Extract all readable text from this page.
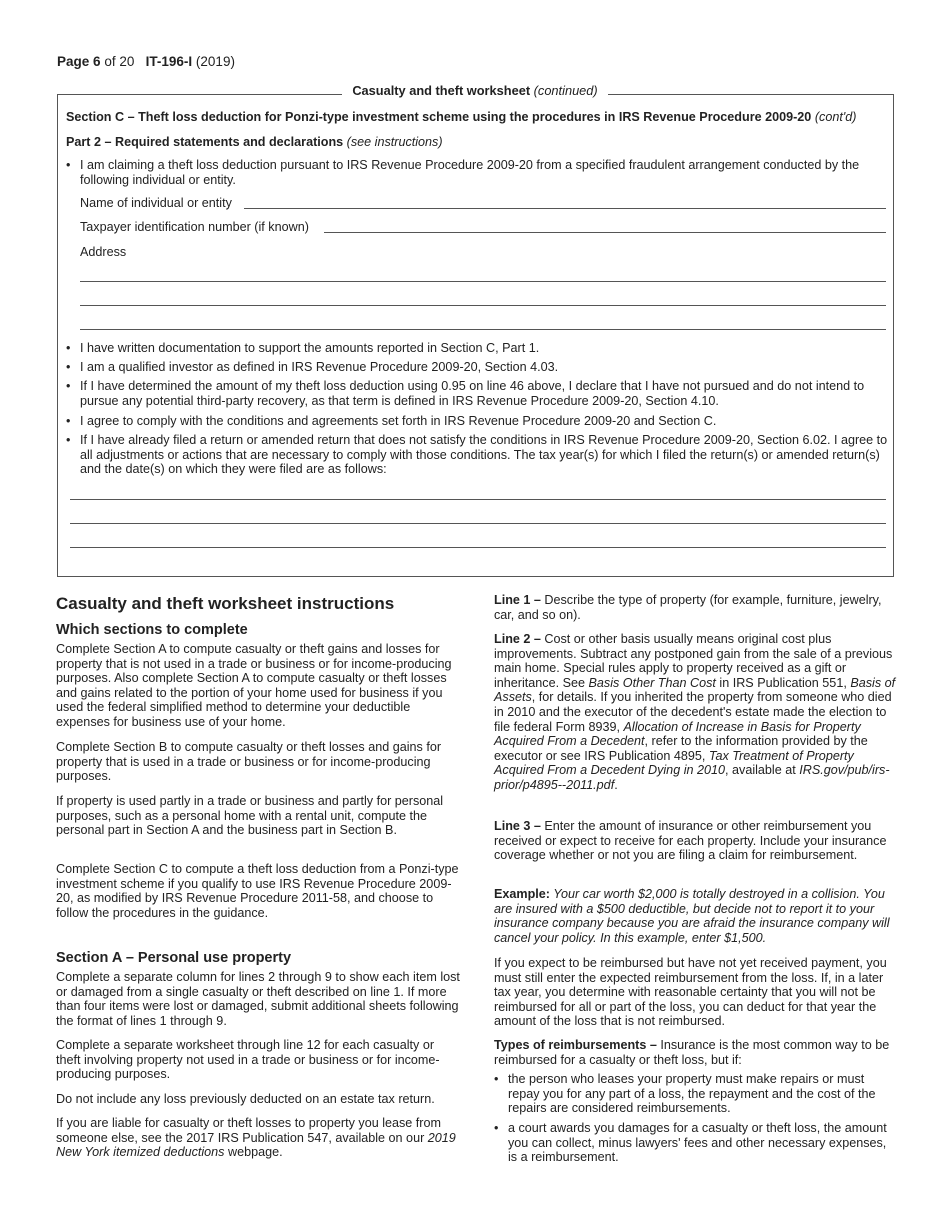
Page 6 of 20 IT-196-I (2019)
Casualty and theft worksheet (continued)
Section C – Theft loss deduction for Ponzi-type investment scheme using the procedures in IRS Revenue Procedure 2009-20 (cont'd)
Part 2 – Required statements and declarations (see instructions)
• I am claiming a theft loss deduction pursuant to IRS Revenue Procedure 2009-20 from a specified fraudulent arrangement conducted by the following individual or entity.
Name of individual or entity
Taxpayer identification number (if known)
Address
• I have written documentation to support the amounts reported in Section C, Part 1.
• I am a qualified investor as defined in IRS Revenue Procedure 2009-20, Section 4.03.
• If I have determined the amount of my theft loss deduction using 0.95 on line 46 above, I declare that I have not pursued and do not intend to pursue any potential third-party recovery, as that term is defined in IRS Revenue Procedure 2009-20, Section 4.10.
• I agree to comply with the conditions and agreements set forth in IRS Revenue Procedure 2009-20 and Section C.
• If I have already filed a return or amended return that does not satisfy the conditions in IRS Revenue Procedure 2009-20, Section 6.02. I agree to all adjustments or actions that are necessary to comply with those conditions. The tax year(s) for which I filed the return(s) or amended return(s) and the date(s) on which they were filed are as follows:
Casualty and theft worksheet instructions
Which sections to complete
Complete Section A to compute casualty or theft gains and losses for property that is not used in a trade or business or for income-producing purposes. Also complete Section A to compute casualty or theft losses and gains related to the portion of your home used for business if you used the federal simplified method to determine your deductible expenses for business use of your home.
Complete Section B to compute casualty or theft losses and gains for property that is used in a trade or business or for income-producing purposes.
If property is used partly in a trade or business and partly for personal purposes, such as a personal home with a rental unit, compute the personal part in Section A and the business part in Section B.
Complete Section C to compute a theft loss deduction from a Ponzi-type investment scheme if you qualify to use IRS Revenue Procedure 2009-20, as modified by IRS Revenue Procedure 2011-58, and choose to follow the procedures in the guidance.
Section A – Personal use property
Complete a separate column for lines 2 through 9 to show each item lost or damaged from a single casualty or theft described on line 1. If more than four items were lost or damaged, submit additional sheets following the format of lines 1 through 9.
Complete a separate worksheet through line 12 for each casualty or theft involving property not used in a trade or business or for income-producing purposes.
Do not include any loss previously deducted on an estate tax return.
If you are liable for casualty or theft losses to property you lease from someone else, see the 2017 IRS Publication 547, available on our 2019 New York itemized deductions webpage.
Line 1 – Describe the type of property (for example, furniture, jewelry, car, and so on).
Line 2 – Cost or other basis usually means original cost plus improvements. Subtract any postponed gain from the sale of a previous main home. Special rules apply to property received as a gift or inheritance. See Basis Other Than Cost in IRS Publication 551, Basis of Assets, for details. If you inherited the property from someone who died in 2010 and the executor of the decedent's estate made the election to file federal Form 8939, Allocation of Increase in Basis for Property Acquired From a Decedent, refer to the information provided by the executor or see IRS Publication 4895, Tax Treatment of Property Acquired From a Decedent Dying in 2010, available at IRS.gov/pub/irs-prior/p4895--2011.pdf.
Line 3 – Enter the amount of insurance or other reimbursement you received or expect to receive for each property. Include your insurance coverage whether or not you are filing a claim for reimbursement.
Example: Your car worth $2,000 is totally destroyed in a collision. You are insured with a $500 deductible, but decide not to report it to your insurance company because you are afraid the insurance company will cancel your policy. In this example, enter $1,500.
If you expect to be reimbursed but have not yet received payment, you must still enter the expected reimbursement from the loss. If, in a later tax year, you determine with reasonable certainty that you will not be reimbursed for all or part of the loss, you can deduct for that year the amount of the loss that is not reimbursed.
Types of reimbursements – Insurance is the most common way to be reimbursed for a casualty or theft loss, but if:
• the person who leases your property must make repairs or must repay you for any part of a loss, the repayment and the cost of the repairs are considered reimbursements.
• a court awards you damages for a casualty or theft loss, the amount you can collect, minus lawyers' fees and other necessary expenses, is a reimbursement.
